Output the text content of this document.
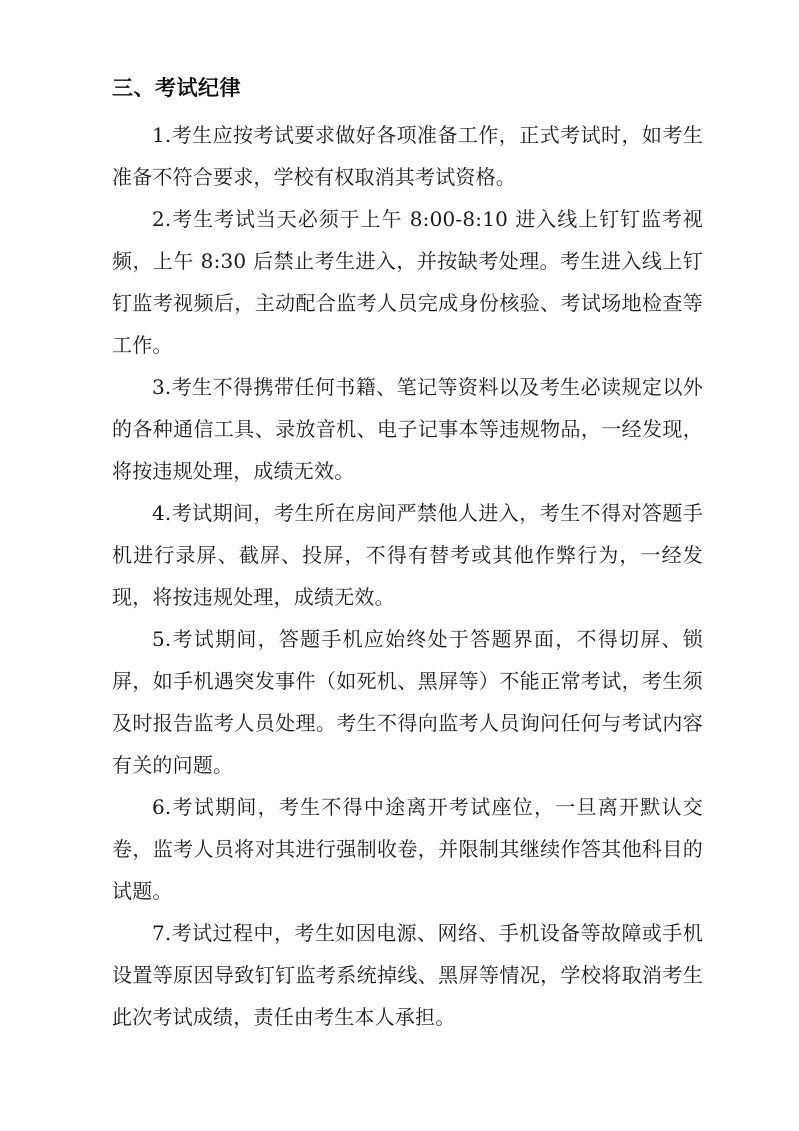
三、考试纪律

1.考生应按考试要求做好各项准备工作，正式考试时，如考生准备不符合要求，学校有权取消其考试资格。

2.考生考试当天必须于上午 8:00-8:10 进入线上钉钉监考视频，上午 8:30 后禁止考生进入，并按缺考处理。考生进入线上钉钉监考视频后，主动配合监考人员完成身份核验、考试场地检查等工作。

3.考生不得携带任何书籍、笔记等资料以及考生必读规定以外的各种通信工具、录放音机、电子记事本等违规物品，一经发现，将按违规处理，成绩无效。

4.考试期间，考生所在房间严禁他人进入，考生不得对答题手机进行录屏、截屏、投屏，不得有替考或其他作弊行为，一经发现，将按违规处理，成绩无效。

5.考试期间，答题手机应始终处于答题界面，不得切屏、锁屏，如手机遇突发事件（如死机、黑屏等）不能正常考试，考生须及时报告监考人员处理。考生不得向监考人员询问任何与考试内容有关的问题。

6.考试期间，考生不得中途离开考试座位，一旦离开默认交卷，监考人员将对其进行强制收卷，并限制其继续作答其他科目的试题。

7.考试过程中，考生如因电源、网络、手机设备等故障或手机设置等原因导致钉钉监考系统掉线、黑屏等情况，学校将取消考生此次考试成绩，责任由考生本人承担。
